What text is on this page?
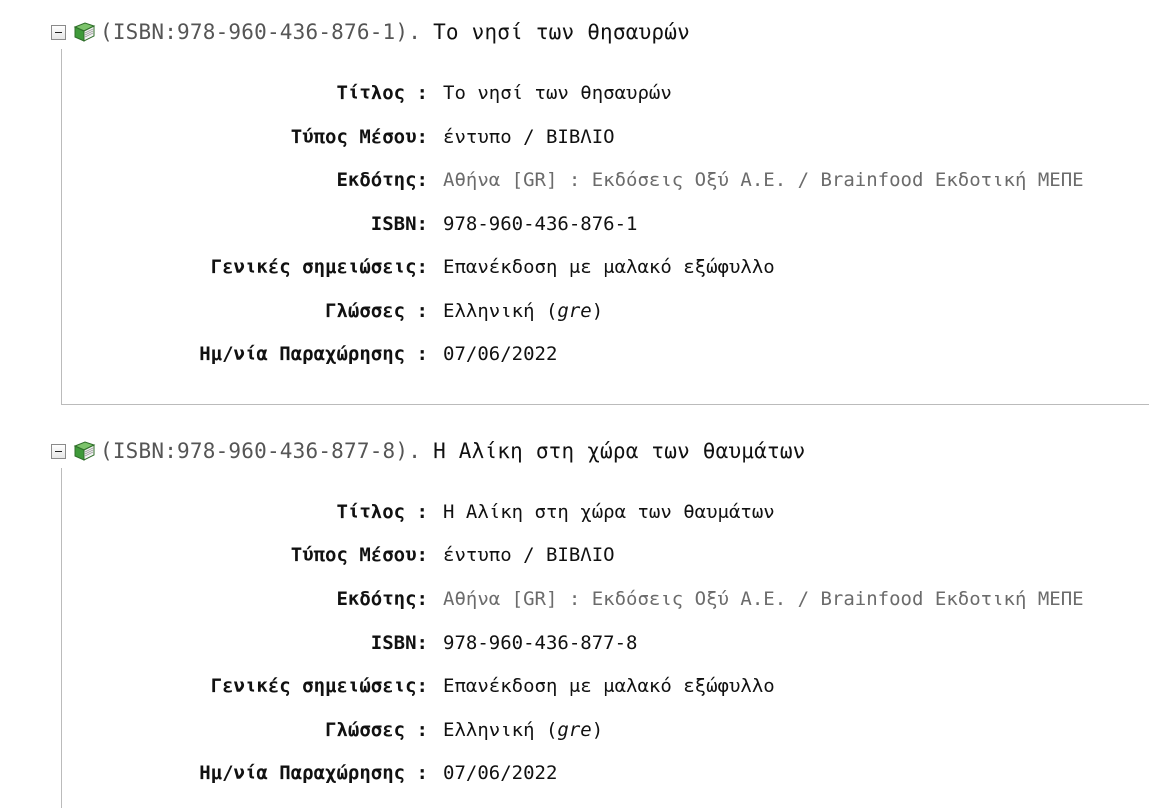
(ISBN:978-960-436-876-1). Το νησί των θησαυρών
Τίτλος : Το νησί των θησαυρών
Τύπος Μέσου: έντυπο / ΒΙΒΛΙΟ
Εκδότης: Αθήνα [GR] : Εκδόσεις Οξύ Α.Ε. / Brainfood Εκδοτική ΜΕΠΕ
ISBN: 978-960-436-876-1
Γενικές σημειώσεις: Επανέκδοση με μαλακό εξώφυλλο
Γλώσσες : Ελληνική (gre)
Ημ/νία Παραχώρησης : 07/06/2022
(ISBN:978-960-436-877-8). Η Αλίκη στη χώρα των θαυμάτων
Τίτλος : Η Αλίκη στη χώρα των θαυμάτων
Τύπος Μέσου: έντυπο / ΒΙΒΛΙΟ
Εκδότης: Αθήνα [GR] : Εκδόσεις Οξύ Α.Ε. / Brainfood Εκδοτική ΜΕΠΕ
ISBN: 978-960-436-877-8
Γενικές σημειώσεις: Επανέκδοση με μαλακό εξώφυλλο
Γλώσσες : Ελληνική (gre)
Ημ/νία Παραχώρησης : 07/06/2022
